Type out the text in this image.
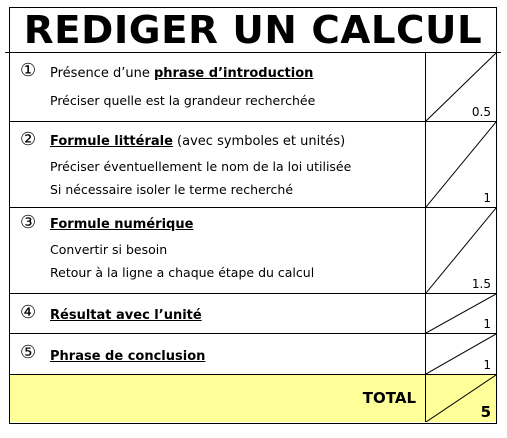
REDIGER UN CALCUL
① Présence d’une phrase d’introduction
Préciser quelle est la grandeur recherchée
0.5
② Formule littérale (avec symboles et unités)
Préciser éventuellement le nom de la loi utilisée
Si nécessaire isoler le terme recherché
1
③ Formule numérique
Convertir si besoin
Retour à la ligne a chaque étape du calcul
1.5
④ Résultat avec l’unité
1
⑤ Phrase de conclusion
1
TOTAL
5
